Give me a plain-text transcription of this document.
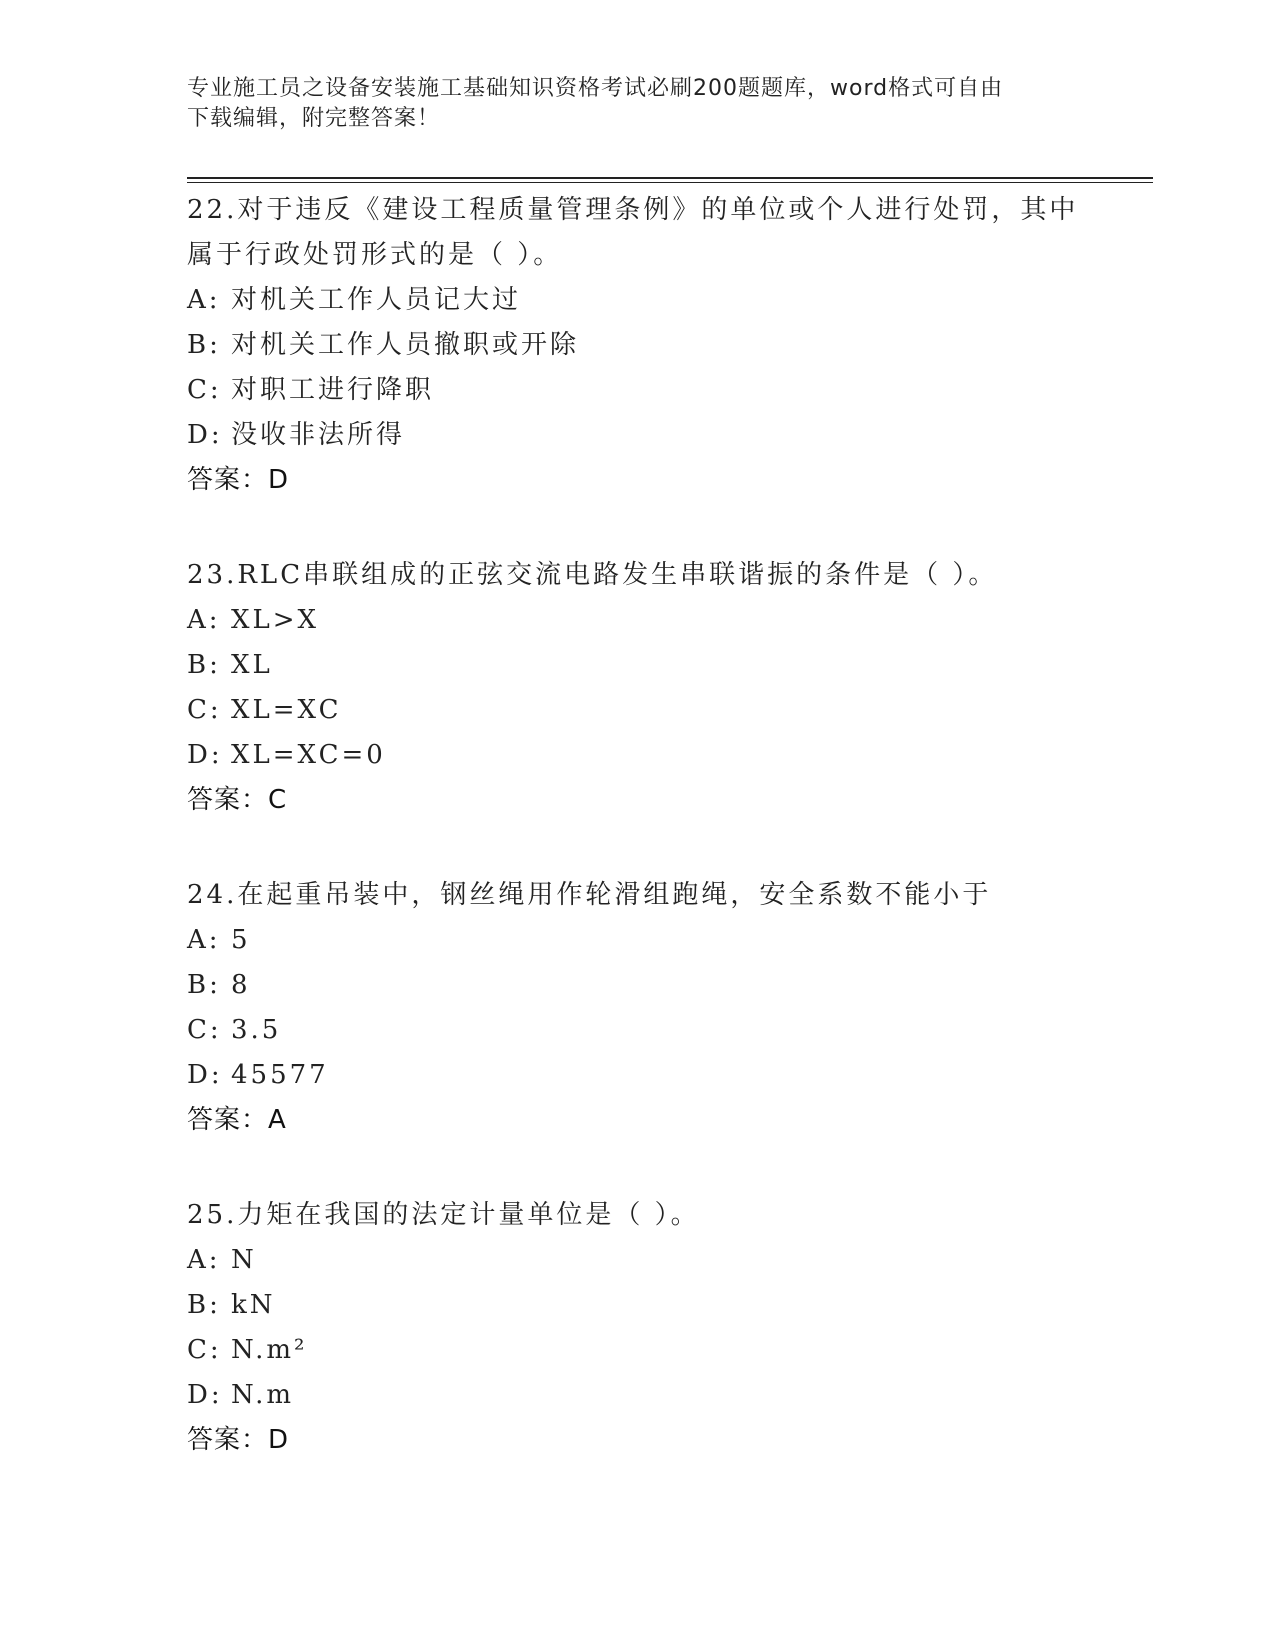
专业施工员之设备安装施工基础知识资格考试必刷200题题库，word格式可自由
下载编辑，附完整答案！
22.对于违反《建设工程质量管理条例》的单位或个人进行处罚，其中
属于行政处罚形式的是（ ）。
A: 对机关工作人员记大过
B: 对机关工作人员撤职或开除
C: 对职工进行降职
D: 没收非法所得
答案：D
23.RLC串联组成的正弦交流电路发生串联谐振的条件是（ ）。
A: XL>X
B: XL
C: XL=XC
D: XL=XC=0
答案：C
24.在起重吊装中，钢丝绳用作轮滑组跑绳，安全系数不能小于
A: 5
B: 8
C: 3.5
D: 45577
答案：A
25.力矩在我国的法定计量单位是（ ）。
A: N
B: kN
C: N.m²
D: N.m
答案：D
